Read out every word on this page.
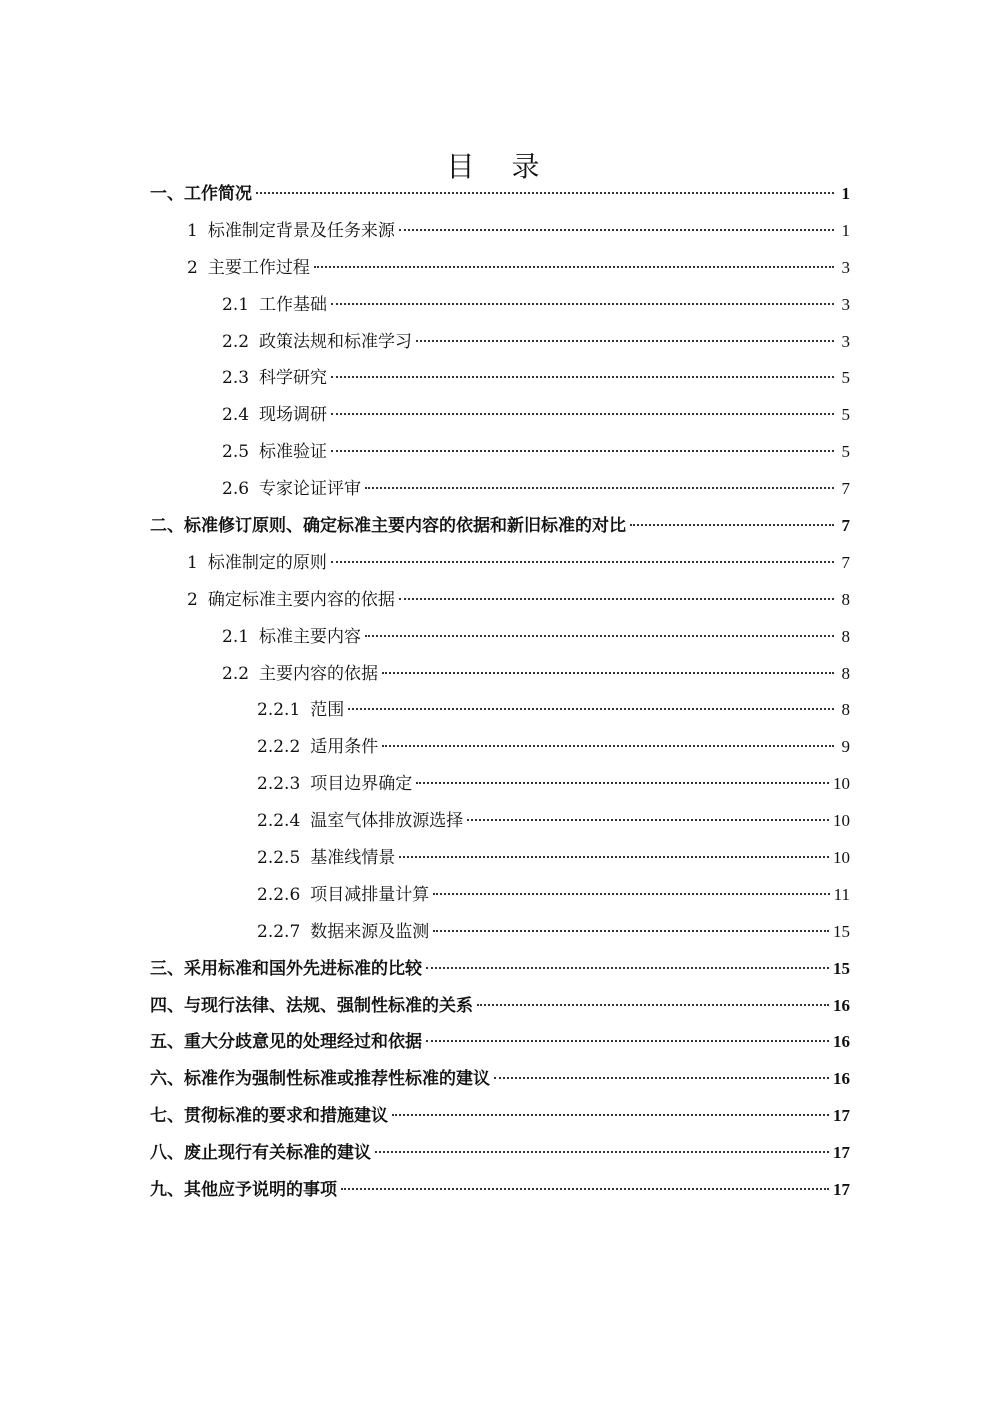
目 录
一、 工作简况	1
1 标准制定背景及任务来源	1
2 主要工作过程	3
2.1 工作基础	3
2.2 政策法规和标准学习	3
2.3 科学研究	5
2.4 现场调研	5
2.5 标准验证	5
2.6 专家论证评审	7
二、 标准修订原则、确定标准主要内容的依据和新旧标准的对比	7
1 标准制定的原则	7
2 确定标准主要内容的依据	8
2.1 标准主要内容	8
2.2 主要内容的依据	8
2.2.1 范围	8
2.2.2 适用条件	9
2.2.3 项目边界确定	10
2.2.4 温室气体排放源选择	10
2.2.5 基准线情景	10
2.2.6 项目减排量计算	11
2.2.7 数据来源及监测	15
三、 采用标准和国外先进标准的比较	15
四、 与现行法律、法规、强制性标准的关系	16
五、 重大分歧意见的处理经过和依据	16
六、 标准作为强制性标准或推荐性标准的建议	16
七、 贯彻标准的要求和措施建议	17
八、 废止现行有关标准的建议	17
九、 其他应予说明的事项	17
